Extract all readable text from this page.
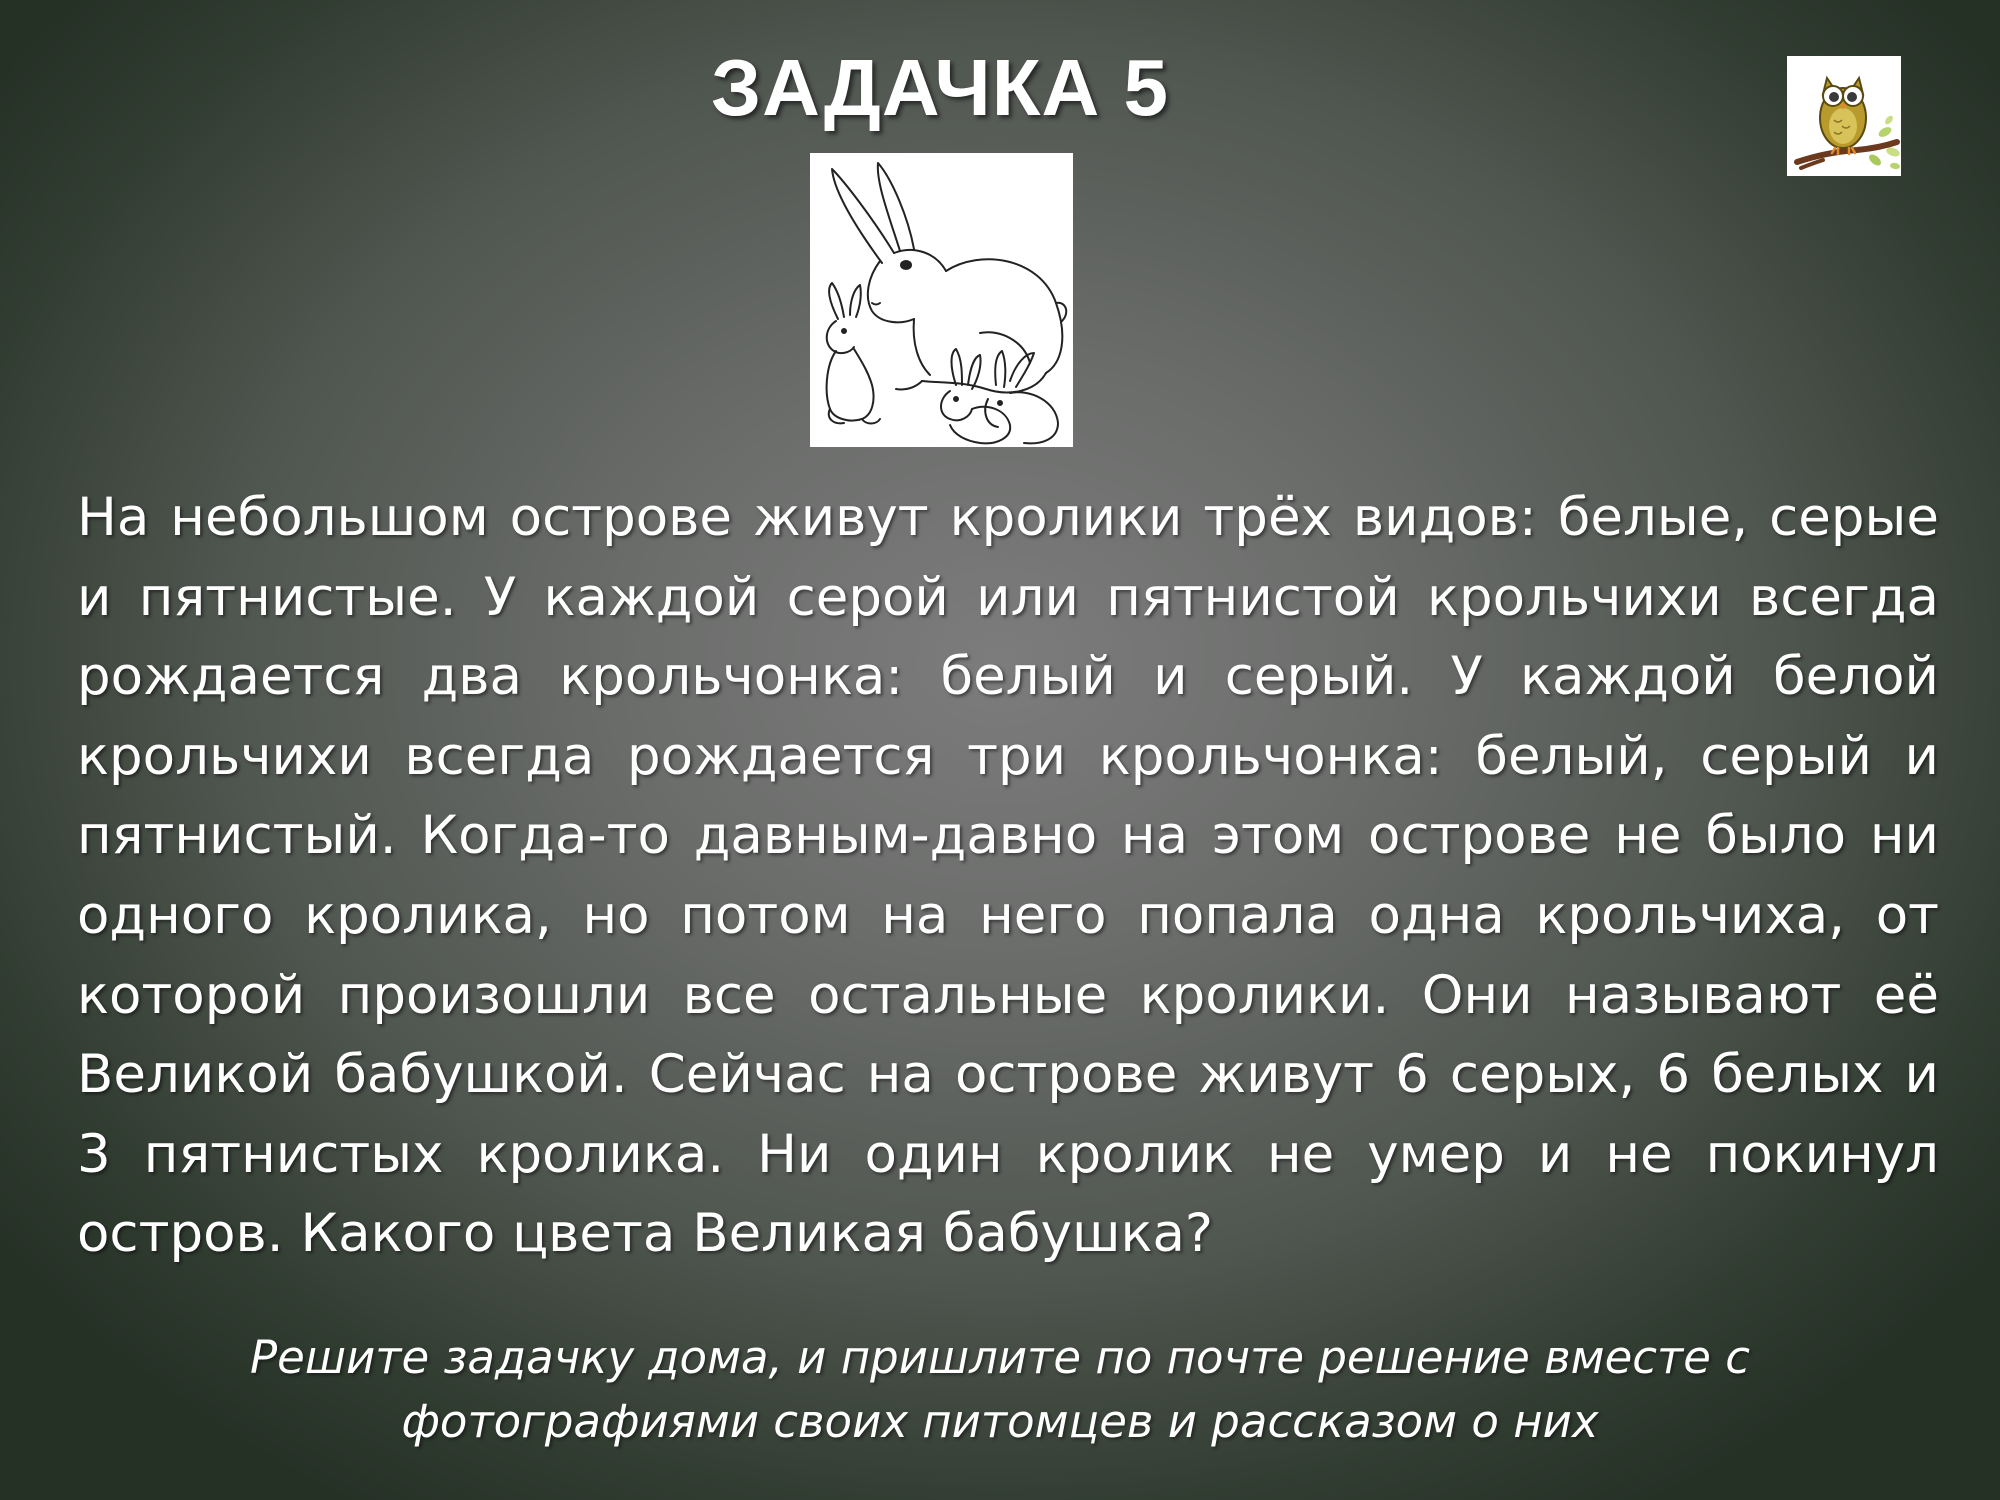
ЗАДАЧКА 5
На небольшом острове живут кролики трёх видов: белые, серые и пятнистые. У каждой серой или пятнистой крольчихи всегда рождается два крольчонка: белый и серый. У каждой белой крольчихи всегда рождается три крольчонка: белый, серый и пятнистый. Когда-то давным-давно на этом острове не было ни одного кролика, но потом на него попала одна крольчиха, от которой произошли все остальные кролики. Они называют её Великой бабушкой. Сейчас на острове живут 6 серых, 6 белых и 3 пятнистых кролика. Ни один кролик не умер и не покинул остров. Какого цвета Великая бабушка?
Решите задачку дома, и пришлите по почте решение вместе с
фотографиями своих питомцев и рассказом о них
